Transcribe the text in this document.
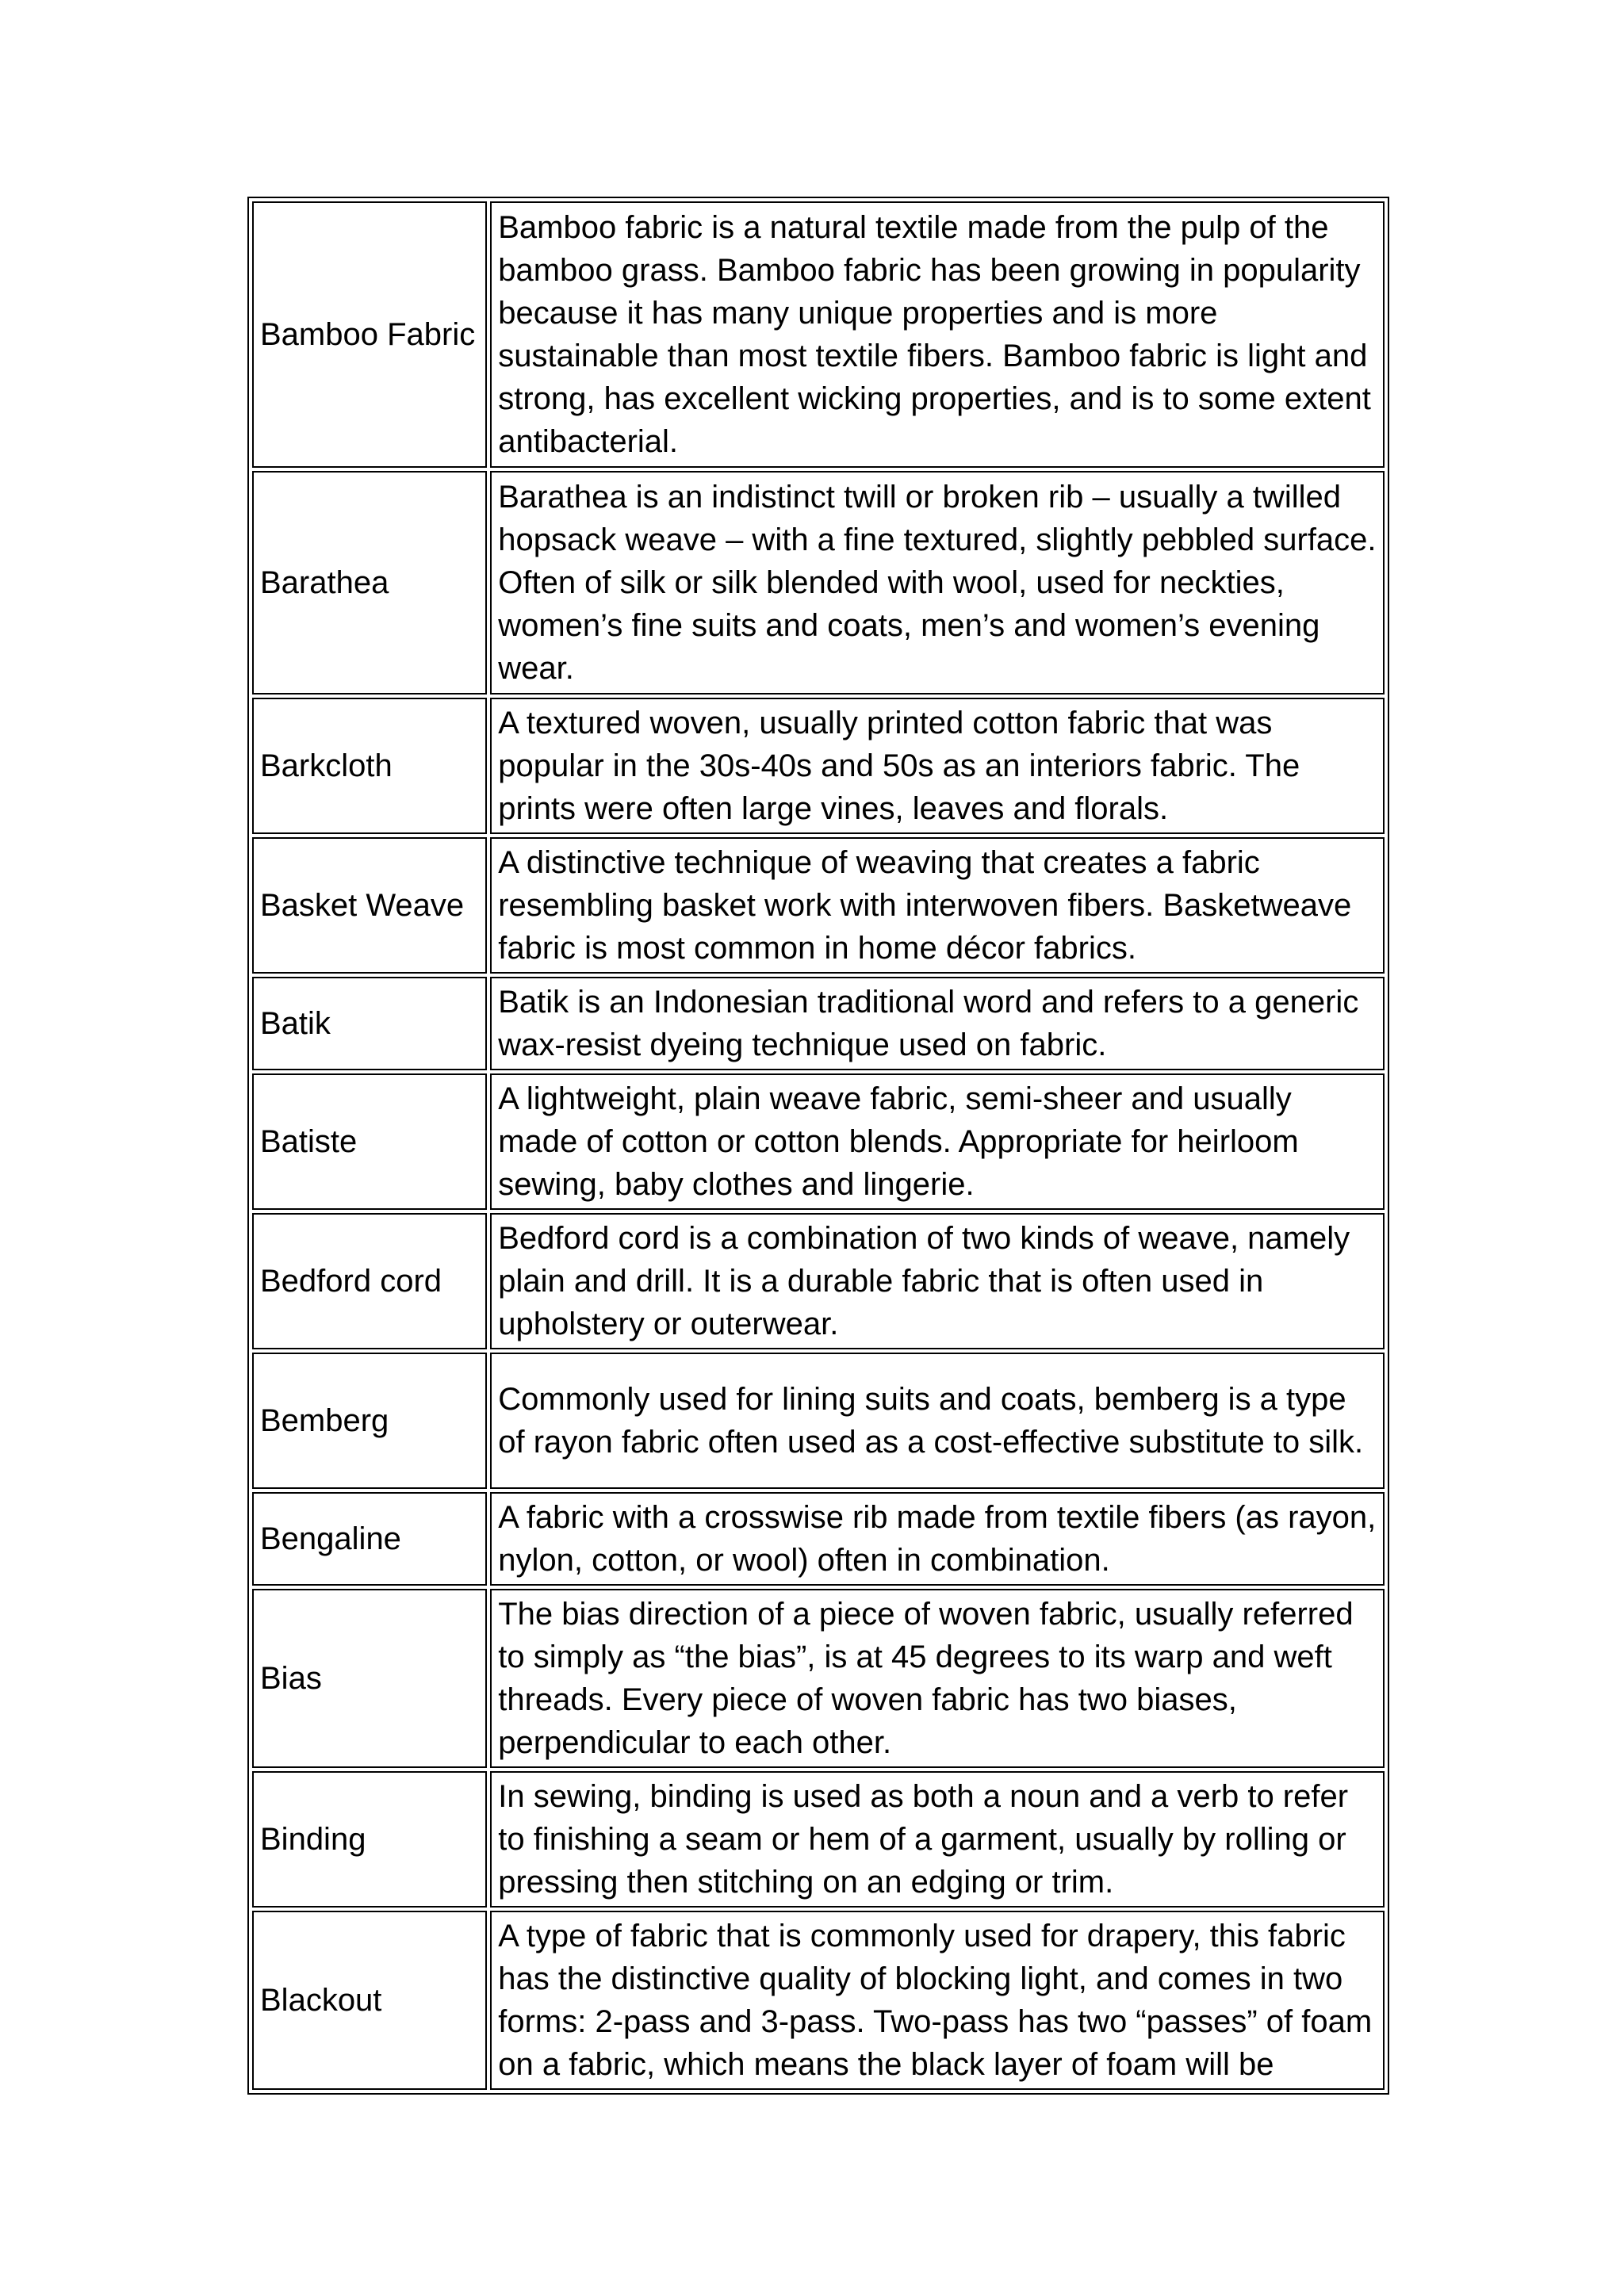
Bamboo Fabric	Bamboo fabric is a natural textile made from the pulp of the bamboo grass. Bamboo fabric has been growing in popularity because it has many unique properties and is more sustainable than most textile fibers. Bamboo fabric is light and strong, has excellent wicking properties, and is to some extent antibacterial.
Barathea	Barathea is an indistinct twill or broken rib – usually a twilled hopsack weave – with a fine textured, slightly pebbled surface. Often of silk or silk blended with wool, used for neckties, women’s fine suits and coats, men’s and women’s evening wear.
Barkcloth	A textured woven, usually printed cotton fabric that was popular in the 30s-40s and 50s as an interiors fabric. The prints were often large vines, leaves and florals.
Basket Weave	A distinctive technique of weaving that creates a fabric resembling basket work with interwoven fibers. Basketweave fabric is most common in home décor fabrics.
Batik	Batik is an Indonesian traditional word and refers to a generic wax-resist dyeing technique used on fabric.
Batiste	A lightweight, plain weave fabric, semi-sheer and usually made of cotton or cotton blends. Appropriate for heirloom sewing, baby clothes and lingerie.
Bedford cord	Bedford cord is a combination of two kinds of weave, namely plain and drill. It is a durable fabric that is often used in upholstery or outerwear.
Bemberg	Commonly used for lining suits and coats, bemberg is a type of rayon fabric often used as a cost-effective substitute to silk.
Bengaline	A fabric with a crosswise rib made from textile fibers (as rayon, nylon, cotton, or wool) often in combination.
Bias	The bias direction of a piece of woven fabric, usually referred to simply as “the bias”, is at 45 degrees to its warp and weft threads. Every piece of woven fabric has two biases, perpendicular to each other.
Binding	In sewing, binding is used as both a noun and a verb to refer to finishing a seam or hem of a garment, usually by rolling or pressing then stitching on an edging or trim.
Blackout	A type of fabric that is commonly used for drapery, this fabric has the distinctive quality of blocking light, and comes in two forms: 2-pass and 3-pass. Two-pass has two “passes” of foam on a fabric, which means the black layer of foam will be
